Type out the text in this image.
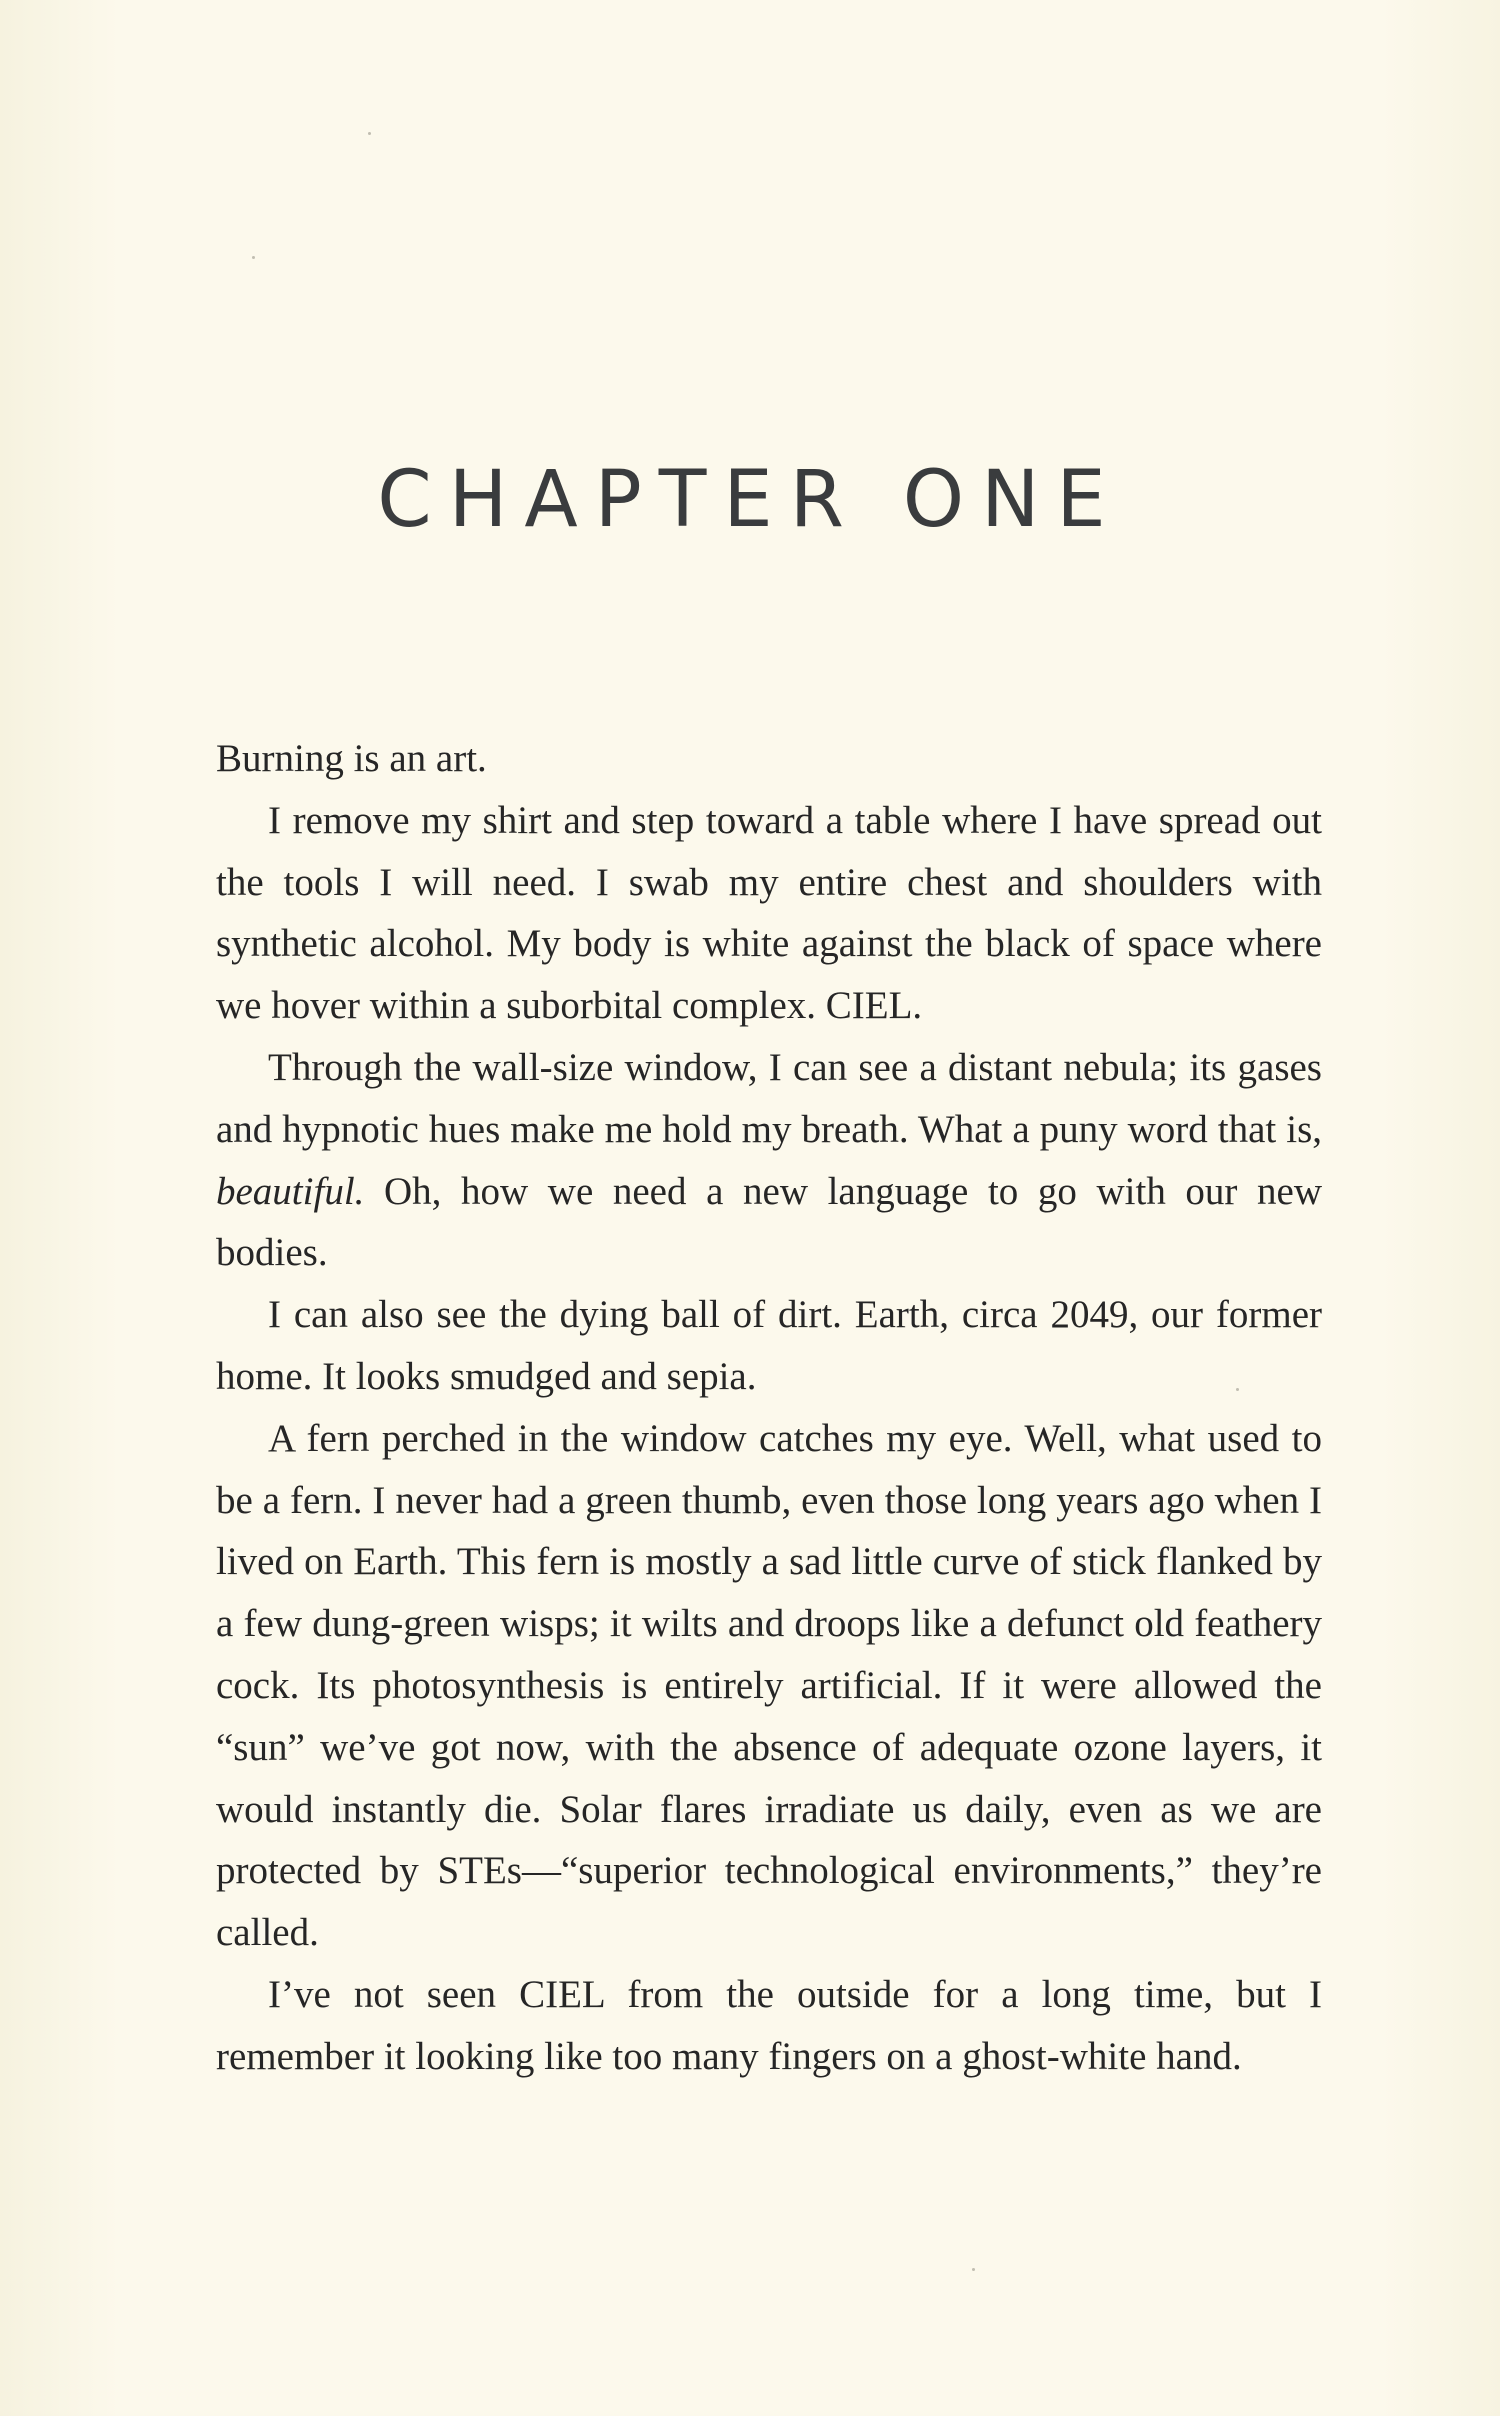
CHAPTER ONE

Burning is an art.

I remove my shirt and step toward a table where I have spread out the tools I will need. I swab my entire chest and shoulders with synthetic alcohol. My body is white against the black of space where we hover within a suborbital complex. CIEL.

Through the wall-size window, I can see a distant nebula; its gases and hypnotic hues make me hold my breath. What a puny word that is, beautiful. Oh, how we need a new language to go with our new bodies.

I can also see the dying ball of dirt. Earth, circa 2049, our former home. It looks smudged and sepia.

A fern perched in the window catches my eye. Well, what used to be a fern. I never had a green thumb, even those long years ago when I lived on Earth. This fern is mostly a sad little curve of stick flanked by a few dung-green wisps; it wilts and droops like a defunct old feathery cock. Its photosynthesis is entirely artificial. If it were allowed the “sun” we’ve got now, with the absence of adequate ozone layers, it would instantly die. Solar flares irradiate us daily, even as we are protected by STEs—“superior technological environments,” they’re called.

I’ve not seen CIEL from the outside for a long time, but I remember it looking like too many fingers on a ghost-white hand.
